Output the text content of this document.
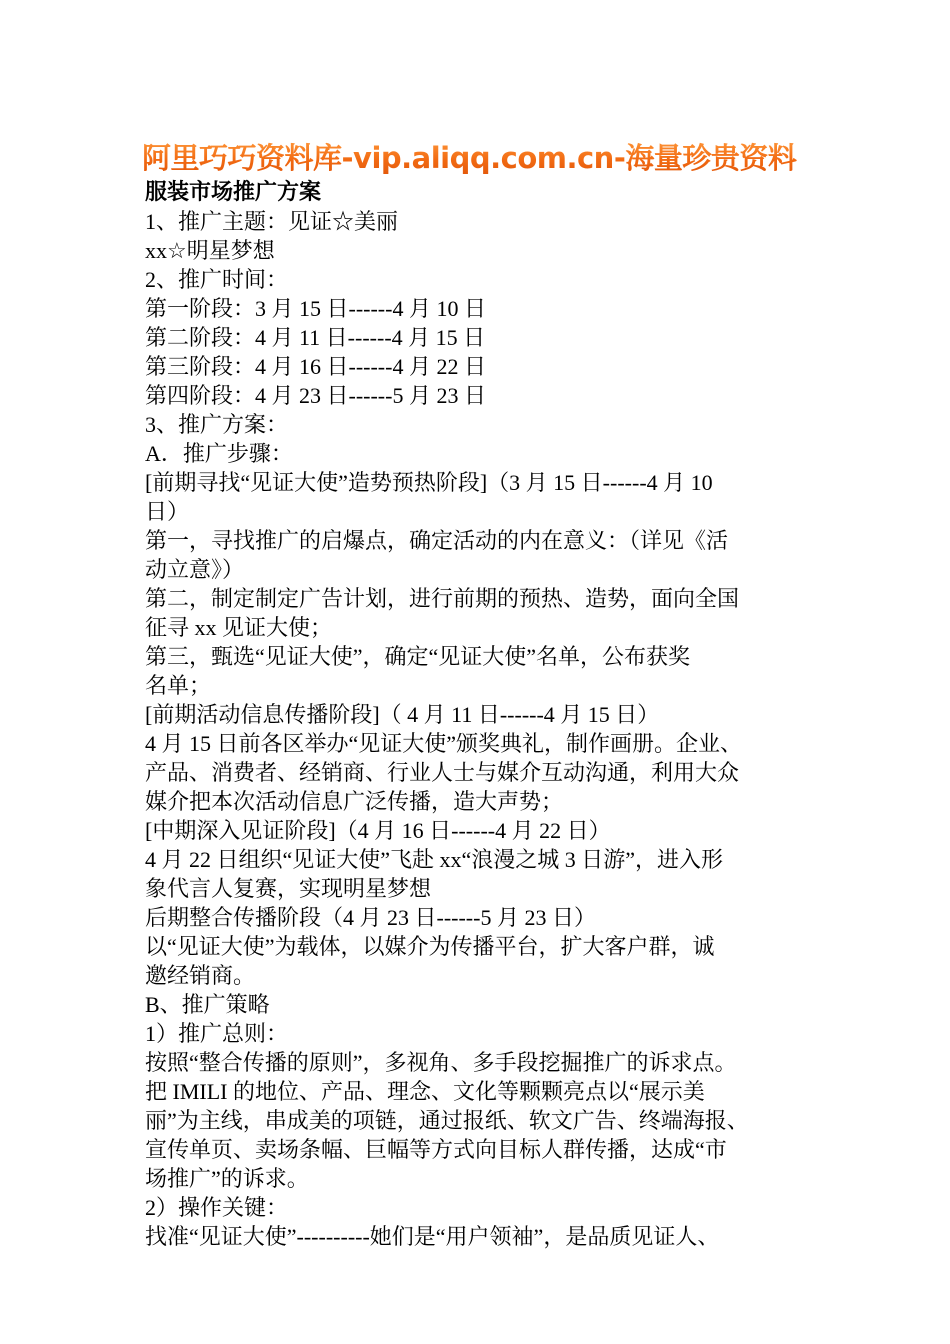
阿里巧巧资料库-vip.aliqq.com.cn-海量珍贵资料
服装市场推广方案

1、推广主题：见证☆美丽

xx☆明星梦想

2、推广时间：

第一阶段：3 月 15 日------4 月 10 日

第二阶段：4 月 11 日------4 月 15 日

第三阶段：4 月 16 日------4 月 22 日

第四阶段：4 月 23 日------5 月 23 日

3、推广方案：

A．推广步骤：

[前期寻找“见证大使”造势预热阶段]（3 月 15 日------4 月 10

日）

第一，寻找推广的启爆点，确定活动的内在意义：（详见《活

动立意》）

第二，制定制定广告计划，进行前期的预热、造势，面向全国

征寻 xx 见证大使；

第三，甄选“见证大使”，确定“见证大使”名单，公布获奖

名单；

[前期活动信息传播阶段]（ 4 月 11 日------4 月 15 日）

4 月 15 日前各区举办“见证大使”颁奖典礼，制作画册。企业、

产品、消费者、经销商、行业人士与媒介互动沟通，利用大众

媒介把本次活动信息广泛传播，造大声势；

[中期深入见证阶段]（4 月 16 日------4 月 22 日）

4 月 22 日组织“见证大使”飞赴 xx“浪漫之城 3 日游”，进入形

象代言人复赛，实现明星梦想

后期整合传播阶段（4 月 23 日------5 月 23 日）

以“见证大使”为载体，以媒介为传播平台，扩大客户群，诚

邀经销商。

B、推广策略

1）推广总则：

按照“整合传播的原则”，多视角、多手段挖掘推广的诉求点。

把 IMILI 的地位、产品、理念、文化等颗颗亮点以“展示美

丽”为主线，串成美的项链，通过报纸、软文广告、终端海报、

宣传单页、卖场条幅、巨幅等方式向目标人群传播，达成“市

场推广”的诉求。

2）操作关键：

找准“见证大使”----------她们是“用户领袖”，是品质见证人、
